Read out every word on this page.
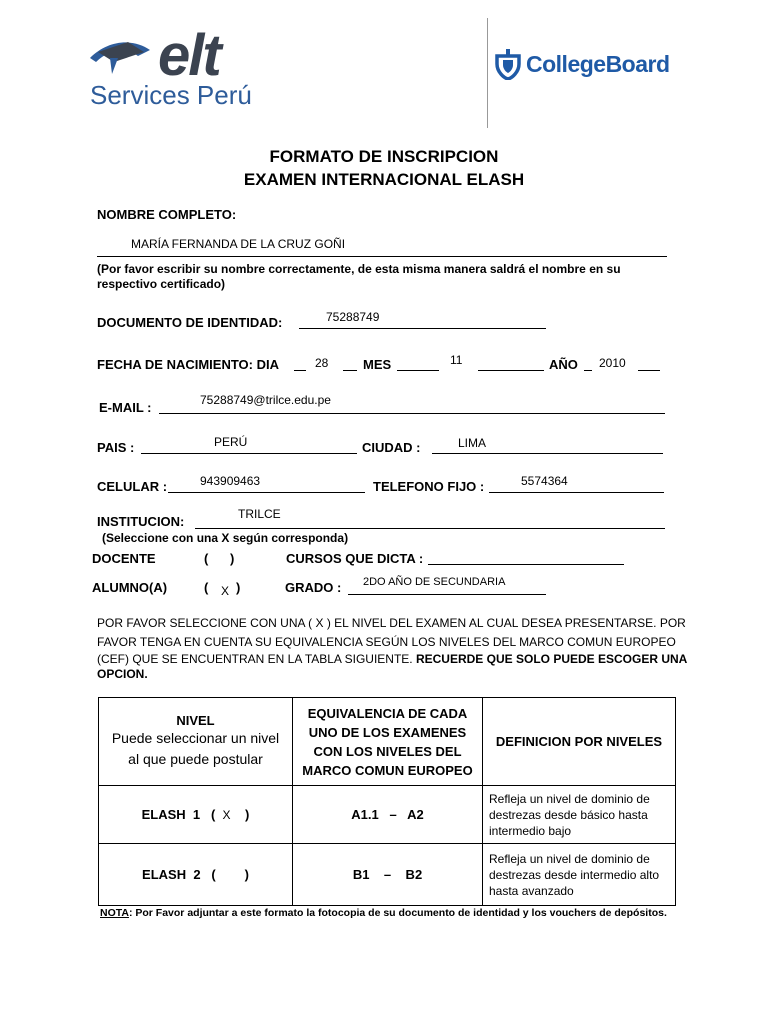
elt
Services Perú
CollegeBoard
FORMATO DE INSCRIPCION
EXAMEN INTERNACIONAL ELASH
NOMBRE COMPLETO:
MARÍA FERNANDA DE LA CRUZ GOÑI
(Por favor escribir su nombre correctamente, de esta misma manera saldrá el nombre en su respectivo certificado)
DOCUMENTO DE IDENTIDAD:	75288749
FECHA DE NACIMIENTO: DIA	28	MES	11	AÑO 2010
E-MAIL :	75288749@trilce.edu.pe
PAIS :	PERÚ	CIUDAD :	LIMA
CELULAR :	943909463	TELEFONO FIJO :	5574364
INSTITUCION:	TRILCE
(Seleccione con una X según corresponda)
DOCENTE	(      )	CURSOS QUE DICTA :
ALUMNO(A)	( X )	GRADO : 2DO AÑO DE SECUNDARIA
POR FAVOR SELECCIONE CON UNA ( X ) EL NIVEL DEL EXAMEN AL CUAL DESEA PRESENTARSE. POR
FAVOR TENGA EN CUENTA SU EQUIVALENCIA SEGÚN LOS NIVELES DEL MARCO COMUN EUROPEO
(CEF) QUE SE ENCUENTRAN EN LA TABLA SIGUIENTE. RECUERDE QUE SOLO PUEDE ESCOGER UNA
OPCION.
NIVEL
Puede seleccionar un nivel al que puede postular	EQUIVALENCIA DE CADA UNO DE LOS EXAMENES CON LOS NIVELES DEL MARCO COMUN EUROPEO	DEFINICION POR NIVELES
ELASH  1   (  X    )	A1.1   –   A2	Refleja un nivel de dominio de destrezas desde básico hasta intermedio bajo
ELASH  2   (        )	B1    –    B2	Refleja un nivel de dominio de destrezas desde intermedio alto hasta avanzado
NOTA: Por Favor adjuntar a este formato la fotocopia de su documento de identidad y los vouchers de depósitos.
